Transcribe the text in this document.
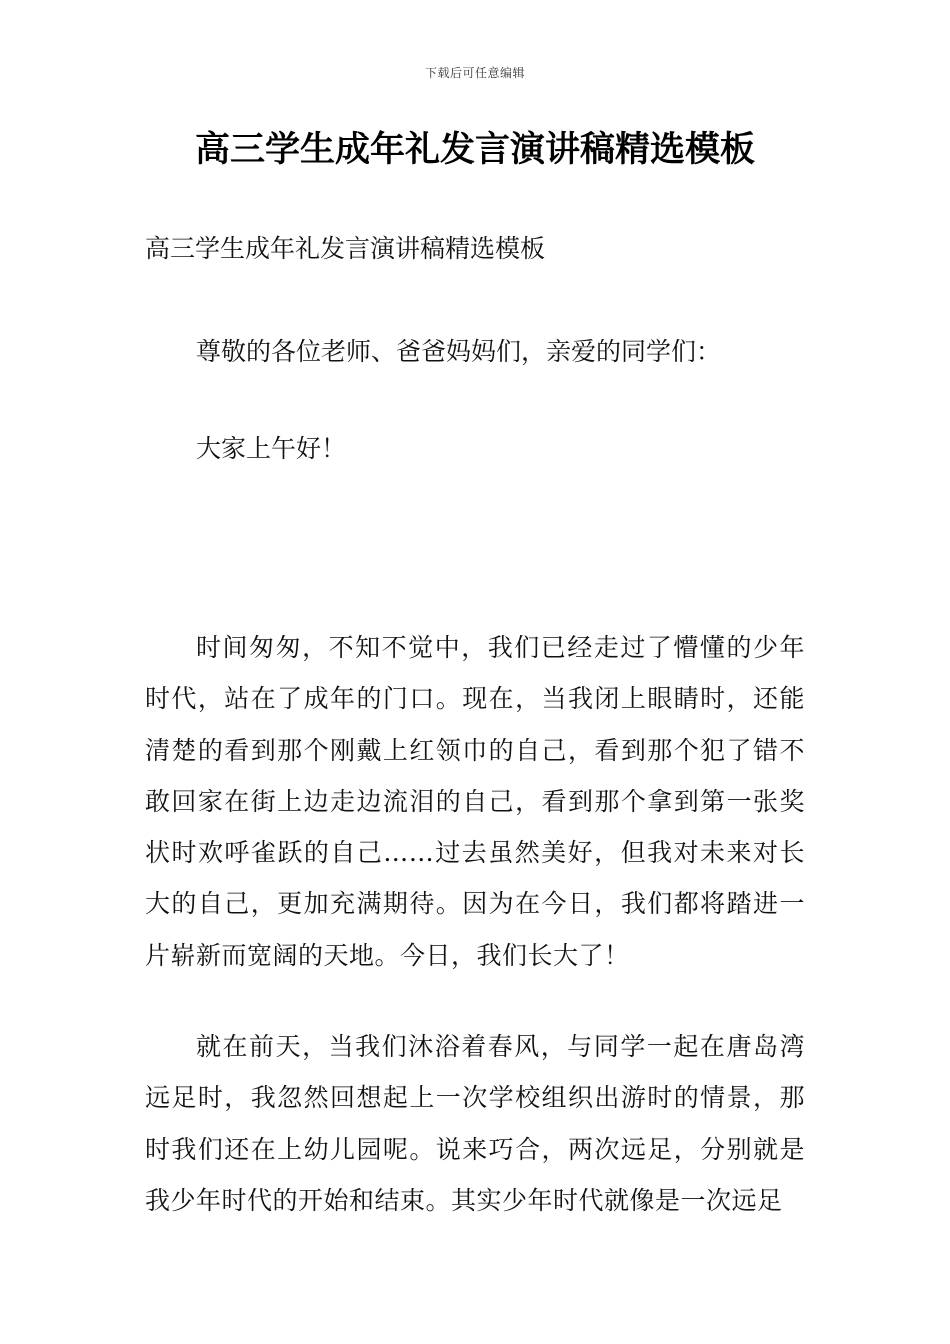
下载后可任意编辑
高三学生成年礼发言演讲稿精选模板

高三学生成年礼发言演讲稿精选模板

尊敬的各位老师、爸爸妈妈们，亲爱的同学们：

大家上午好！

时间匆匆，不知不觉中，我们已经走过了懵懂的少年时代，站在了成年的门口。现在，当我闭上眼睛时，还能清楚的看到那个刚戴上红领巾的自己，看到那个犯了错不敢回家在街上边走边流泪的自己，看到那个拿到第一张奖状时欢呼雀跃的自己……过去虽然美好，但我对未来对长大的自己，更加充满期待。因为在今日，我们都将踏进一片崭新而宽阔的天地。今日，我们长大了！

就在前天，当我们沐浴着春风，与同学一起在唐岛湾远足时，我忽然回想起上一次学校组织出游时的情景，那时我们还在上幼儿园呢。说来巧合，两次远足，分别就是我少年时代的开始和结束。其实少年时代就像是一次远足
